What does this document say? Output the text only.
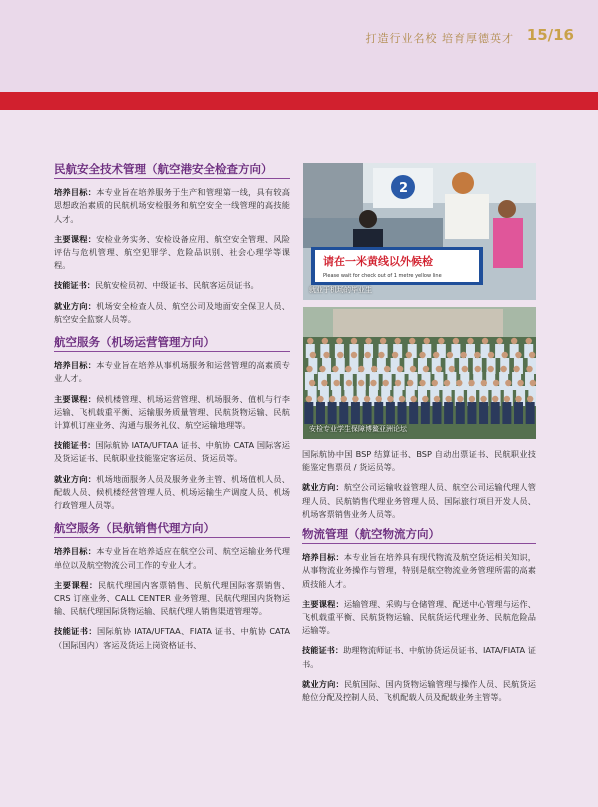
打造行业名校 培育厚德英才 15/16
民航安全技术管理（航空港安全检查方向）

培养目标：本专业旨在培养服务于生产和管理第一线，具有较高思想政治素质的民航机场安检服务和航空安全一线管理的高技能人才。

主要课程：安检业务实务、安检设备应用、航空安全管理、风险评估与危机管理、航空犯罪学、危险品识别、社会心理学等课程。

技能证书：民航安检员初、中级证书、民航客运员证书。

就业方向：机场安全检查人员、航空公司及地面安全保卫人员、航空安全监察人员等。

航空服务（机场运营管理方向）

培养目标：本专业旨在培养从事机场服务和运营管理的高素质专业人才。

主要课程：候机楼管理、机场运营管理、机场服务、值机与行李运输、飞机载重平衡、运输服务质量管理、民航货物运输、民航计算机订座业务、沟通与服务礼仪、航空运输地理等。

技能证书：国际航协 IATA/UFTAA 证书、中航协 CATA 国际客运及货运证书、民航职业技能鉴定客运员、货运员等。

就业方向：机场地面服务人员及服务业务主管、机场值机人员、配载人员、候机楼经营管理人员、机场运输生产调度人员、机场行政管理人员等。

航空服务（民航销售代理方向）

培养目标：本专业旨在培养适应在航空公司、航空运输业务代理单位以及航空物流公司工作的专业人才。

主要课程：民航代理国内客票销售、民航代理国际客票销售、CRS 订座业务、CALL CENTER 业务管理、民航代理国内货物运输、民航代理国际货物运输、民航代理人销售渠道管理等。

技能证书：国际航协 IATA/UFTAA、FIATA 证书、中航协 CATA（国际国内）客运及货运上岗资格证书、

2
请在一米黄线以外候检
Please wait for check out of 1 metre yellow line
就业于机场的毕业生
安检专业学生保障博鳌亚洲论坛

国际航协中国 BSP 结算证书、BSP 自动出票证书、民航职业技能鉴定售票员 / 货运员等。

就业方向：航空公司运输收益管理人员、航空公司运输代理人管理人员、民航销售代理业务管理人员、国际旅行项目开发人员、机场客票销售业务人员等。

物流管理（航空物流方向）

培养目标：本专业旨在培养具有现代物流及航空货运相关知识，从事物流业务操作与管理，特别是航空物流业务管理所需的高素质技能人才。

主要课程：运输管理、采购与仓储管理、配送中心管理与运作、飞机载重平衡、民航货物运输、民航货运代理业务、民航危险品运输等。

技能证书：助理物流师证书、中航协货运员证书、IATA/FIATA 证书。

就业方向：民航国际、国内货物运输管理与操作人员、民航货运舱位分配及控制人员、飞机配载人员及配载业务主管等。
